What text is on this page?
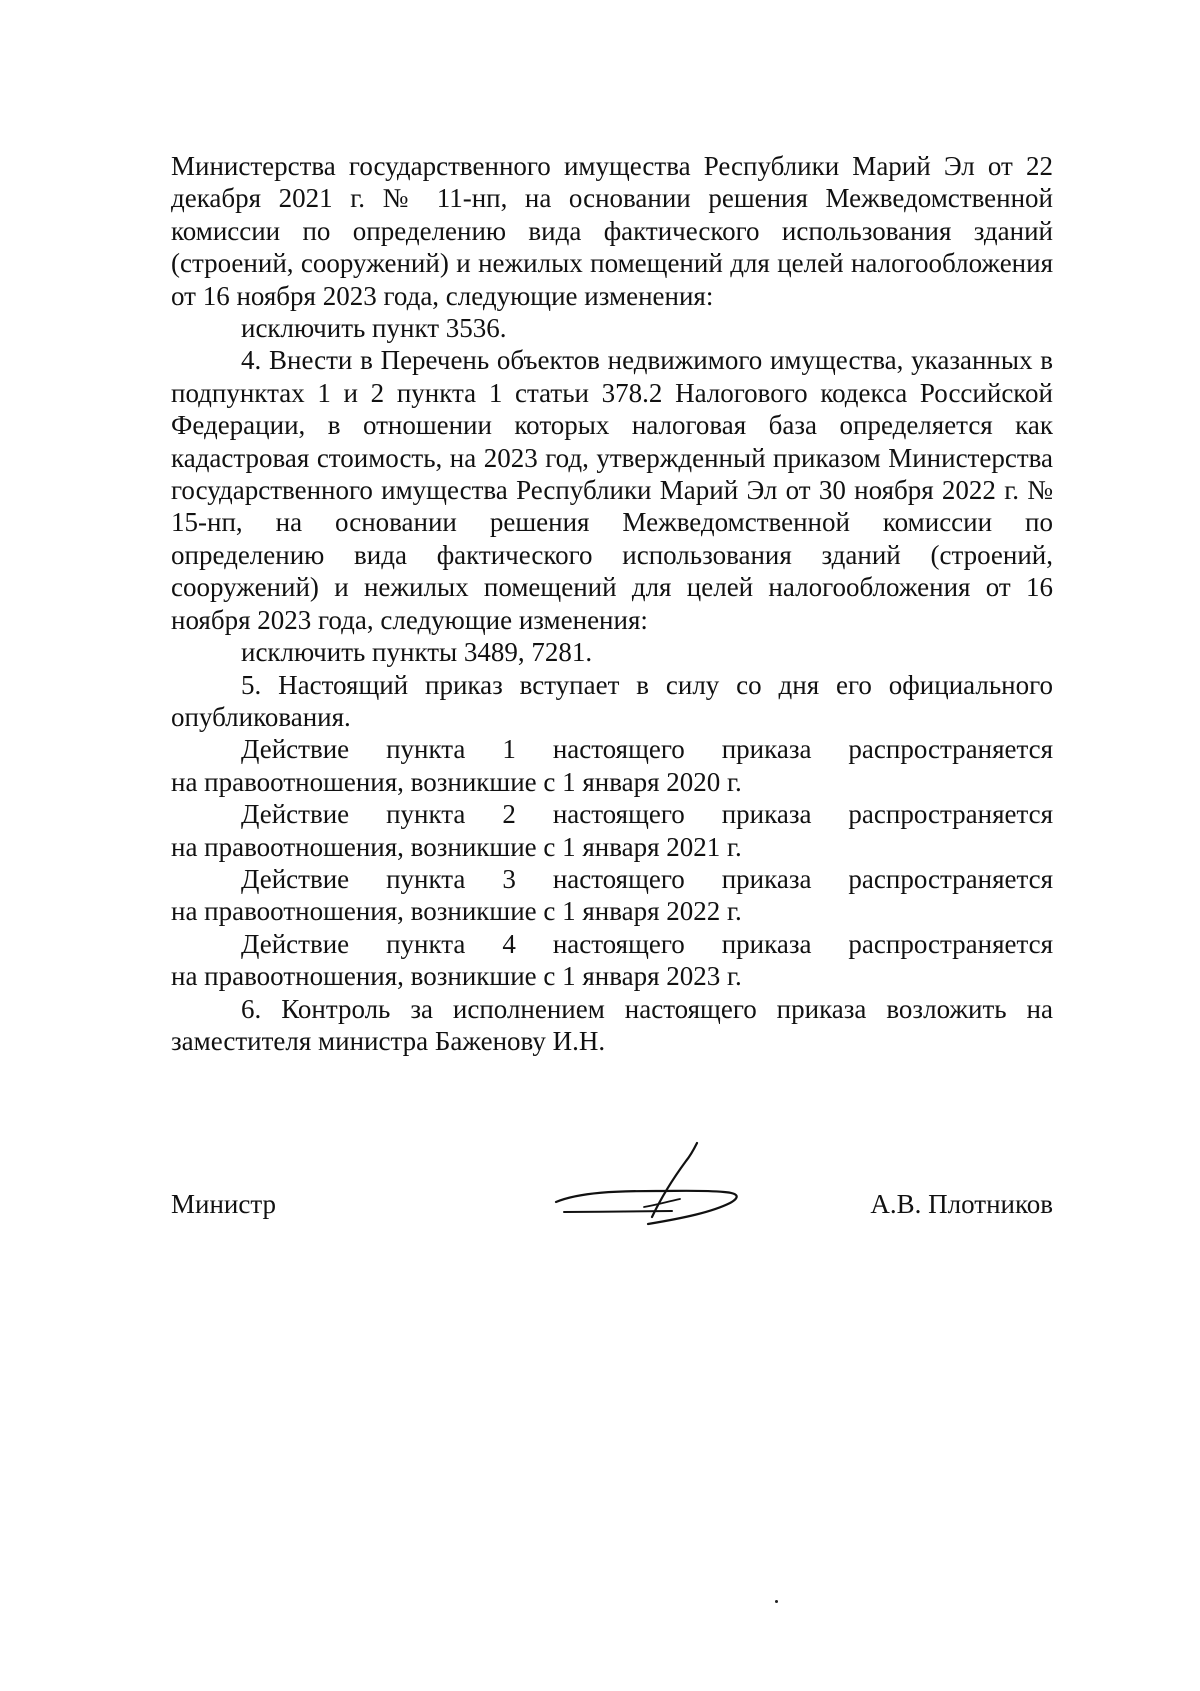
Министерства государственного имущества Республики Марий Эл от 22 декабря 2021 г. № 11-нп, на основании решения Межведомственной комиссии по определению вида фактического использования зданий (строений, сооружений) и нежилых помещений для целей налогообложения от 16 ноября 2023 года, следующие изменения:

исключить пункт 3536.

4. Внести в Перечень объектов недвижимого имущества, указанных в подпунктах 1 и 2 пункта 1 статьи 378.2 Налогового кодекса Российской Федерации, в отношении которых налоговая база определяется как кадастровая стоимость, на 2023 год, утвержденный приказом Министерства государственного имущества Республики Марий Эл от 30 ноября 2022 г. № 15-нп, на основании решения Межведомственной комиссии по определению вида фактического использования зданий (строений, сооружений) и нежилых помещений для целей налогообложения от 16 ноября 2023 года, следующие изменения:

исключить пункты 3489, 7281.

5. Настоящий приказ вступает в силу со дня его официального опубликования.

Действие пункта 1 настоящего приказа распространяется

на правоотношения, возникшие с 1 января 2020 г.

Действие пункта 2 настоящего приказа распространяется

на правоотношения, возникшие с 1 января 2021 г.

Действие пункта 3 настоящего приказа распространяется

на правоотношения, возникшие с 1 января 2022 г.

Действие пункта 4 настоящего приказа распространяется

на правоотношения, возникшие с 1 января 2023 г.

6. Контроль за исполнением настоящего приказа возложить на заместителя министра Баженову И.Н.

Министр	А.В. Плотников
